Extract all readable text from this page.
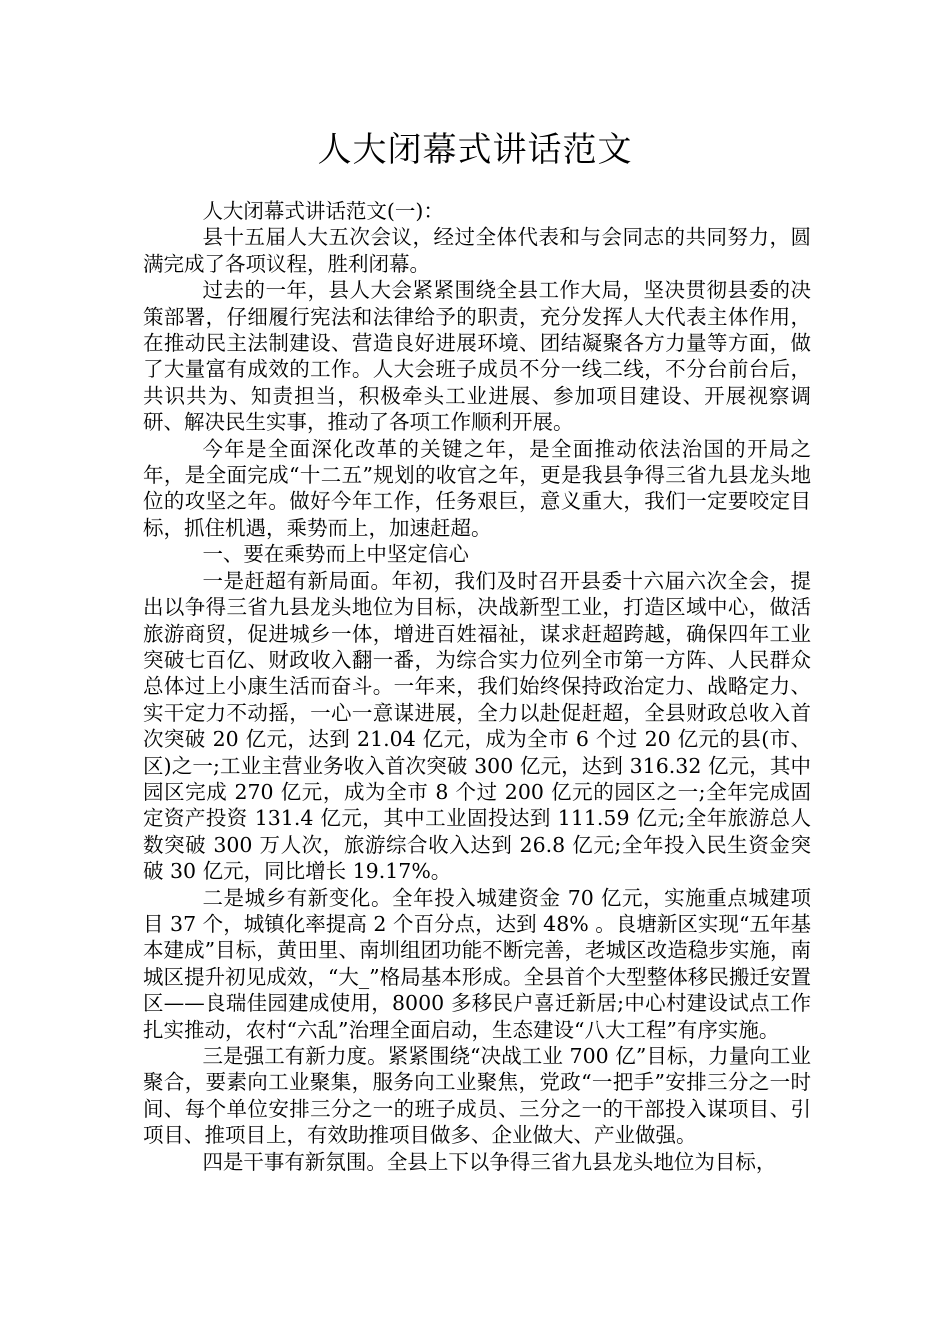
人大闭幕式讲话范文

人大闭幕式讲话范文(一)：

县十五届人大五次会议，经过全体代表和与会同志的共同努力，圆满完成了各项议程，胜利闭幕。

过去的一年，县人大会紧紧围绕全县工作大局，坚决贯彻县委的决策部署，仔细履行宪法和法律给予的职责，充分发挥人大代表主体作用，在推动民主法制建设、营造良好进展环境、团结凝聚各方力量等方面，做了大量富有成效的工作。人大会班子成员不分一线二线，不分台前台后，共识共为、知责担当，积极牵头工业进展、参加项目建设、开展视察调研、解决民生实事，推动了各项工作顺利开展。

今年是全面深化改革的关键之年，是全面推动依法治国的开局之年，是全面完成“十二五”规划的收官之年，更是我县争得三省九县龙头地位的攻坚之年。做好今年工作，任务艰巨，意义重大，我们一定要咬定目标，抓住机遇，乘势而上，加速赶超。

一、要在乘势而上中坚定信心

一是赶超有新局面。年初，我们及时召开县委十六届六次全会，提出以争得三省九县龙头地位为目标，决战新型工业，打造区域中心，做活旅游商贸，促进城乡一体，增进百姓福祉，谋求赶超跨越，确保四年工业突破七百亿、财政收入翻一番，为综合实力位列全市第一方阵、人民群众总体过上小康生活而奋斗。一年来，我们始终保持政治定力、战略定力、实干定力不动摇，一心一意谋进展，全力以赴促赶超，全县财政总收入首次突破 20 亿元，达到 21.04 亿元，成为全市 6 个过 20 亿元的县(市、区)之一;工业主营业务收入首次突破 300 亿元，达到 316.32 亿元，其中园区完成 270 亿元，成为全市 8 个过 200 亿元的园区之一;全年完成固定资产投资 131.4 亿元，其中工业固投达到 111.59 亿元;全年旅游总人数突破 300 万人次，旅游综合收入达到 26.8 亿元;全年投入民生资金突破 30 亿元，同比增长 19.17%。

二是城乡有新变化。全年投入城建资金 70 亿元，实施重点城建项目 37 个，城镇化率提高 2 个百分点，达到 48% 。良塘新区实现“五年基本建成”目标，黄田里、南圳组团功能不断完善，老城区改造稳步实施，南城区提升初见成效，“大_”格局基本形成。全县首个大型整体移民搬迁安置区——良瑞佳园建成使用，8000 多移民户喜迁新居;中心村建设试点工作扎实推动，农村“六乱”治理全面启动，生态建设“八大工程”有序实施。

三是强工有新力度。紧紧围绕“决战工业 700 亿”目标，力量向工业聚合，要素向工业聚集，服务向工业聚焦，党政“一把手”安排三分之一时间、每个单位安排三分之一的班子成员、三分之一的干部投入谋项目、引项目、推项目上，有效助推项目做多、企业做大、产业做强。

四是干事有新氛围。全县上下以争得三省九县龙头地位为目标，
